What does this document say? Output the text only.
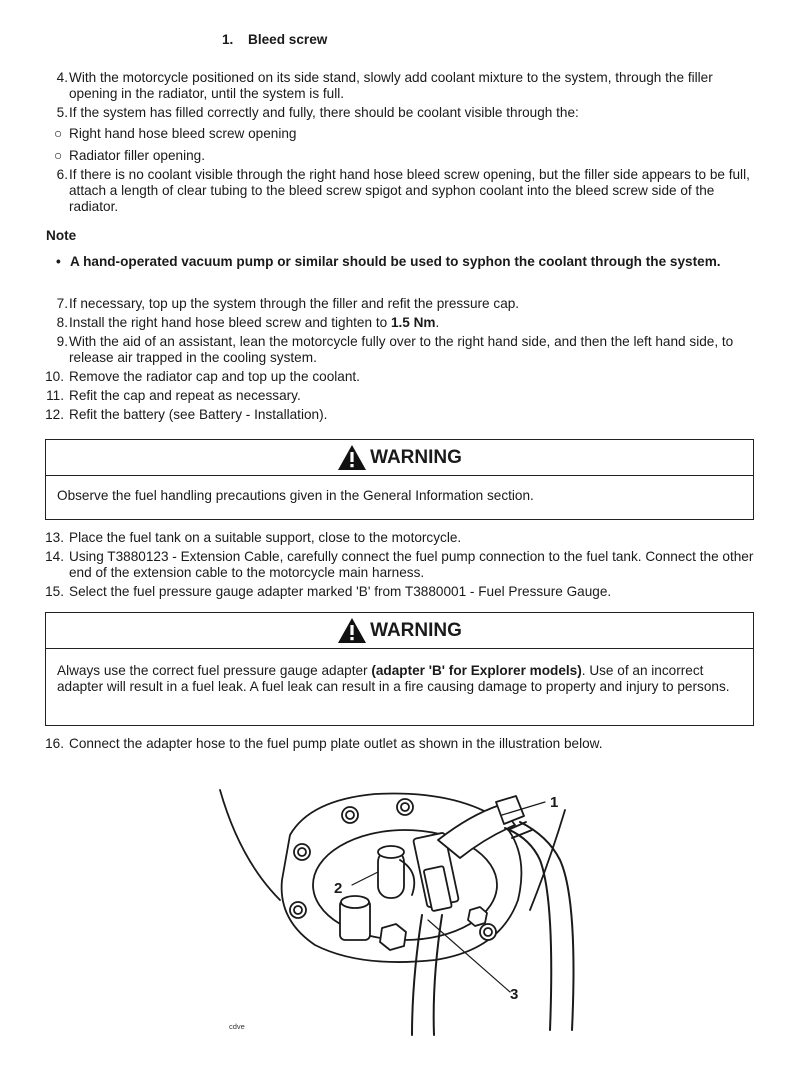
1. Bleed screw
4. With the motorcycle positioned on its side stand, slowly add coolant mixture to the system, through the filler opening in the radiator, until the system is full.
5. If the system has filled correctly and fully, there should be coolant visible through the:
○ Right hand hose bleed screw opening
○ Radiator filler opening.
6. If there is no coolant visible through the right hand hose bleed screw opening, but the filler side appears to be full, attach a length of clear tubing to the bleed screw spigot and syphon coolant into the bleed screw side of the radiator.
Note
• A hand-operated vacuum pump or similar should be used to syphon the coolant through the system.
7. If necessary, top up the system through the filler and refit the pressure cap.
8. Install the right hand hose bleed screw and tighten to 1.5 Nm.
9. With the aid of an assistant, lean the motorcycle fully over to the right hand side, and then the left hand side, to release air trapped in the cooling system.
10. Remove the radiator cap and top up the coolant.
11. Refit the cap and repeat as necessary.
12. Refit the battery (see Battery - Installation).
WARNING
Observe the fuel handling precautions given in the General Information section.
13. Place the fuel tank on a suitable support, close to the motorcycle.
14. Using T3880123 - Extension Cable, carefully connect the fuel pump connection to the fuel tank. Connect the other end of the extension cable to the motorcycle main harness.
15. Select the fuel pressure gauge adapter marked 'B' from T3880001 - Fuel Pressure Gauge.
WARNING
Always use the correct fuel pressure gauge adapter (adapter 'B' for Explorer models). Use of an incorrect adapter will result in a fuel leak. A fuel leak can result in a fire causing damage to property and injury to persons.
16. Connect the adapter hose to the fuel pump plate outlet as shown in the illustration below.
1
2
3
cdve
